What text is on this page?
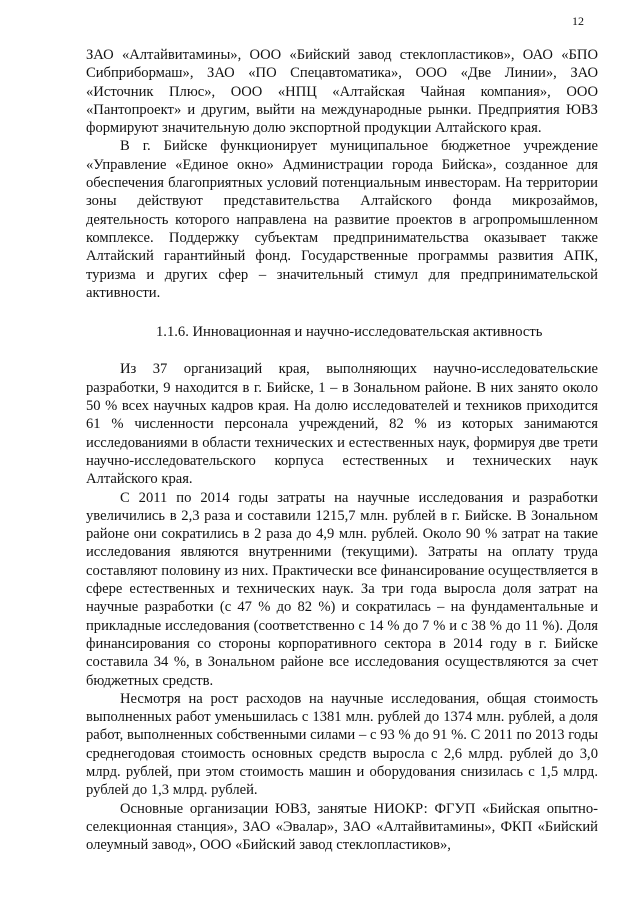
12

ЗАО «Алтайвитамины», ООО «Бийский завод стеклопластиков», ОАО «БПО Сибприбормаш», ЗАО «ПО Спецавтоматика», ООО «Две Линии», ЗАО «Источник Плюс», ООО «НПЦ «Алтайская Чайная компания», ООО «Пантопроект» и другим, выйти на международные рынки. Предприятия ЮВЗ формируют значительную долю экспортной продукции Алтайского края.

В г. Бийске функционирует муниципальное бюджетное учреждение «Управление «Единое окно» Администрации города Бийска», созданное для обеспечения благоприятных условий потенциальным инвесторам. На территории зоны действуют представительства Алтайского фонда микрозаймов, деятельность которого направлена на развитие проектов в агропромышленном комплексе. Поддержку субъектам предпринимательства оказывает также Алтайский гарантийный фонд. Государственные программы развития АПК, туризма и других сфер – значительный стимул для предпринимательской активности.

1.1.6. Инновационная и научно-исследовательская активность

Из 37 организаций края, выполняющих научно-исследовательские разработки, 9 находится в г. Бийске, 1 – в Зональном районе. В них занято около 50 % всех научных кадров края. На долю исследователей и техников приходится 61 % численности персонала учреждений, 82 % из которых занимаются исследованиями в области технических и естественных наук, формируя две трети научно-исследовательского корпуса естественных и технических наук Алтайского края.

С 2011 по 2014 годы затраты на научные исследования и разработки увеличились в 2,3 раза и составили 1215,7 млн. рублей в г. Бийске. В Зональном районе они сократились в 2 раза до 4,9 млн. рублей. Около 90 % затрат на такие исследования являются внутренними (текущими). Затраты на оплату труда составляют половину из них. Практически все финансирование осуществляется в сфере естественных и технических наук. За три года выросла доля затрат на научные разработки (с 47 % до 82 %) и сократилась – на фундаментальные и прикладные исследования (соответственно с 14 % до 7 % и с 38 % до 11 %). Доля финансирования со стороны корпоративного сектора в 2014 году в г. Бийске составила 34 %, в Зональном районе все исследования осуществляются за счет бюджетных средств.

Несмотря на рост расходов на научные исследования, общая стоимость выполненных работ уменьшилась с 1381 млн. рублей до 1374 млн. рублей, а доля работ, выполненных собственными силами – с 93 % до 91 %. С 2011 по 2013 годы среднегодовая стоимость основных средств выросла с 2,6 млрд. рублей до 3,0 млрд. рублей, при этом стоимость машин и оборудования снизилась с 1,5 млрд. рублей до 1,3 млрд. рублей.

Основные организации ЮВЗ, занятые НИОКР: ФГУП «Бийская опытно-селекционная станция», ЗАО «Эвалар», ЗАО «Алтайвитамины», ФКП «Бийский олеумный завод», ООО «Бийский завод стеклопластиков»,
